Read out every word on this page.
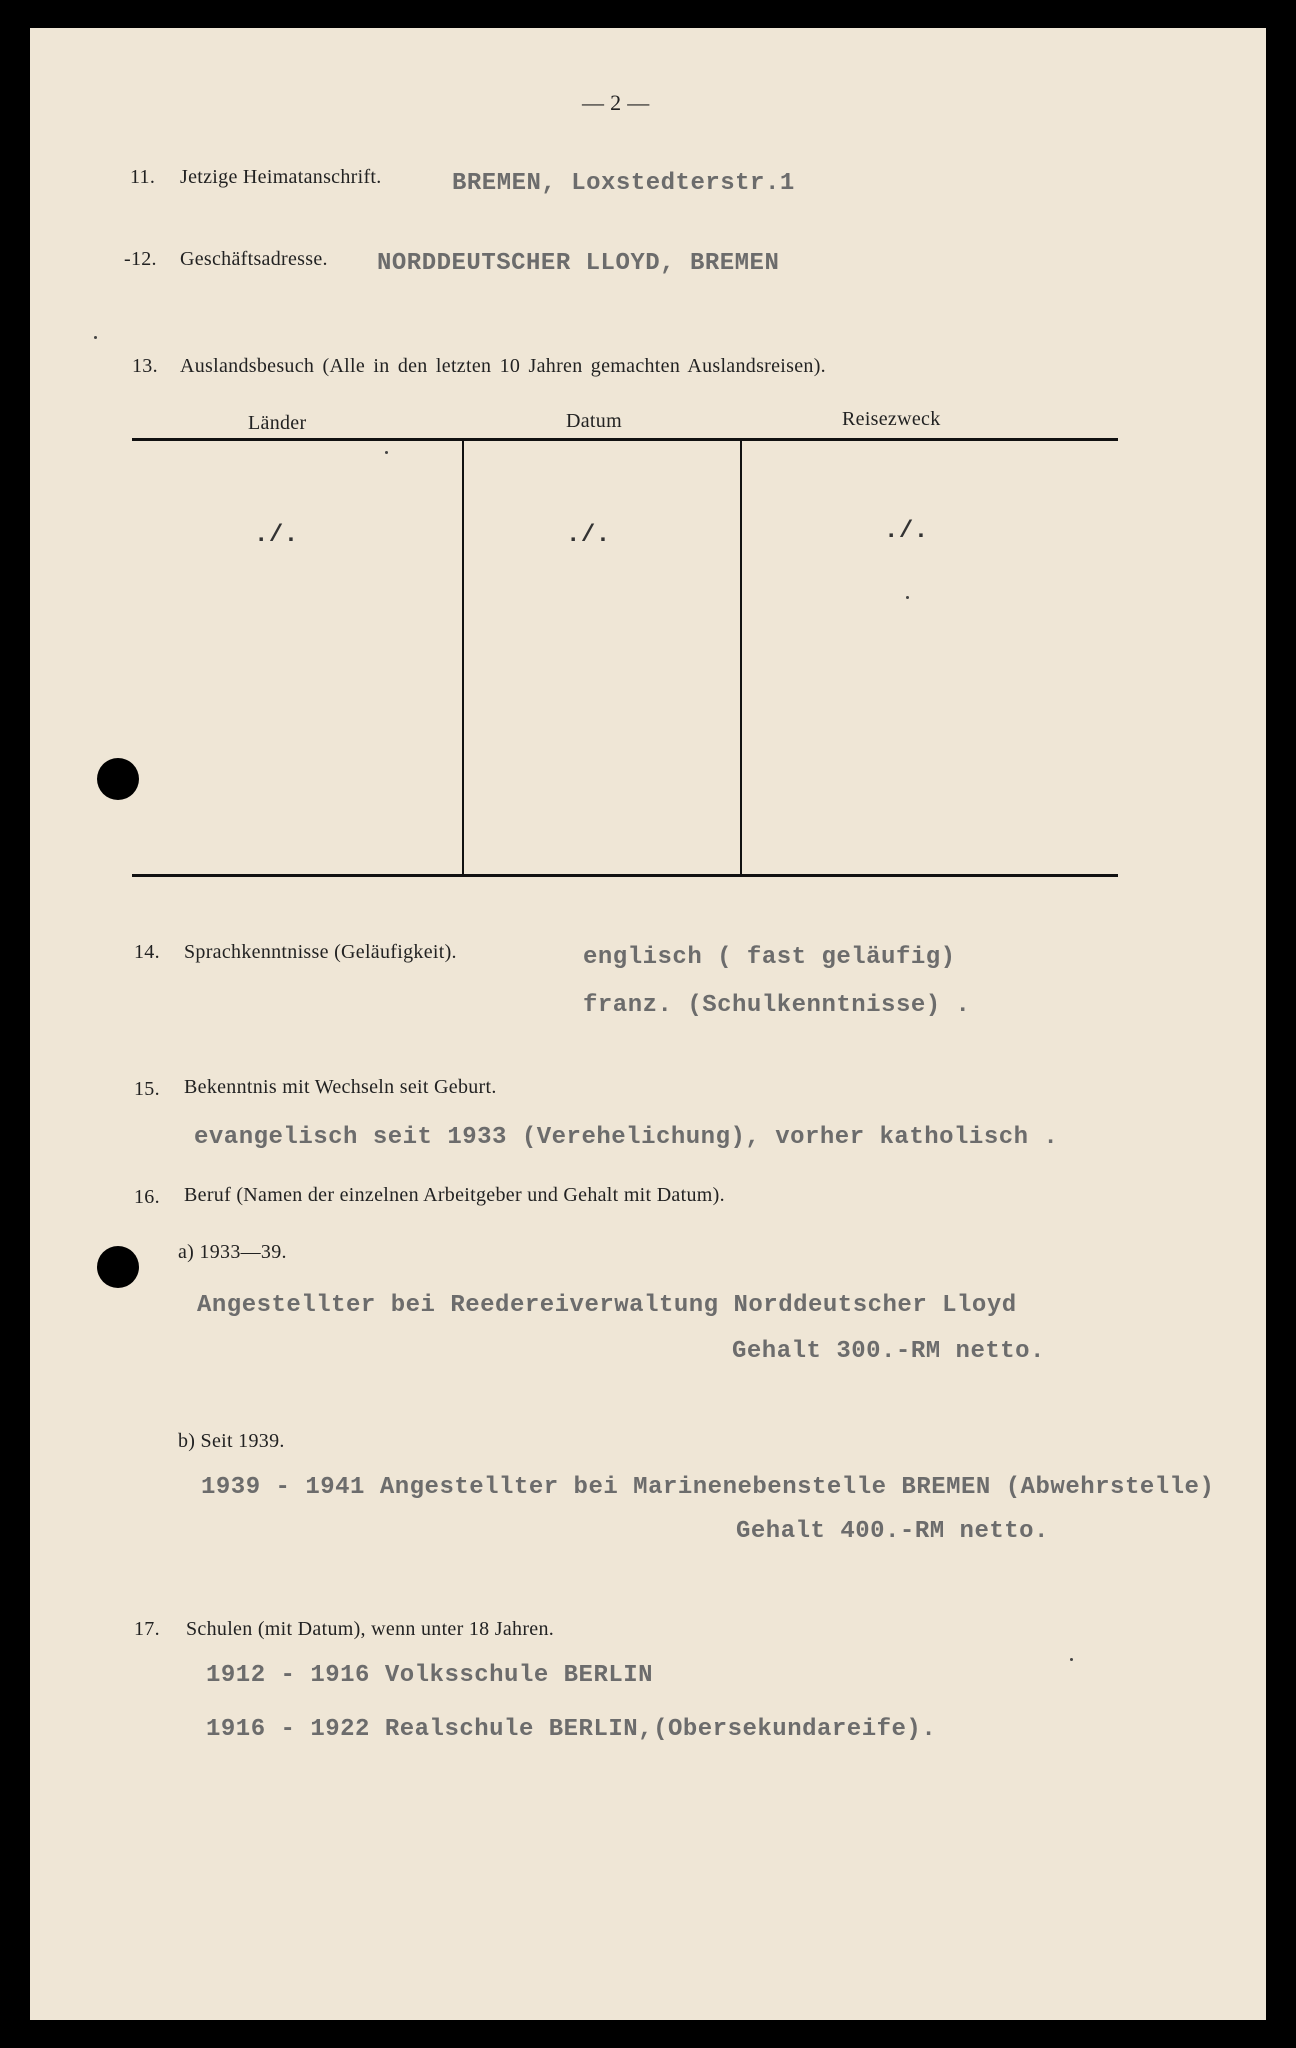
— 2 —
11. Jetzige Heimatanschrift.	BREMEN, Loxstedterstr.1
-12. Geschäftsadresse. NORDDEUTSCHER LLOYD, BREMEN
13. Auslandsbesuch (Alle in den letzten 10 Jahren gemachten Auslandsreisen).
Länder	Datum	Reisezweck
./.	./.	./.
14. Sprachkenntnisse (Geläufigkeit).	englisch ( fast geläufig)
franz. (Schulkenntnisse) .
15. Bekenntnis mit Wechseln seit Geburt.
evangelisch seit 1933 (Verehelichung), vorher katholisch .
16. Beruf (Namen der einzelnen Arbeitgeber und Gehalt mit Datum).
a) 1933—39.
Angestellter bei Reedereiverwaltung Norddeutscher Lloyd
Gehalt 300.-RM netto.
b) Seit 1939.
1939 - 1941 Angestellter bei Marinenebenstelle BREMEN (Abwehrstelle)
Gehalt 400.-RM netto.
17. Schulen (mit Datum), wenn unter 18 Jahren.
1912 - 1916 Volksschule BERLIN
1916 - 1922 Realschule BERLIN,(Obersekundareife).
